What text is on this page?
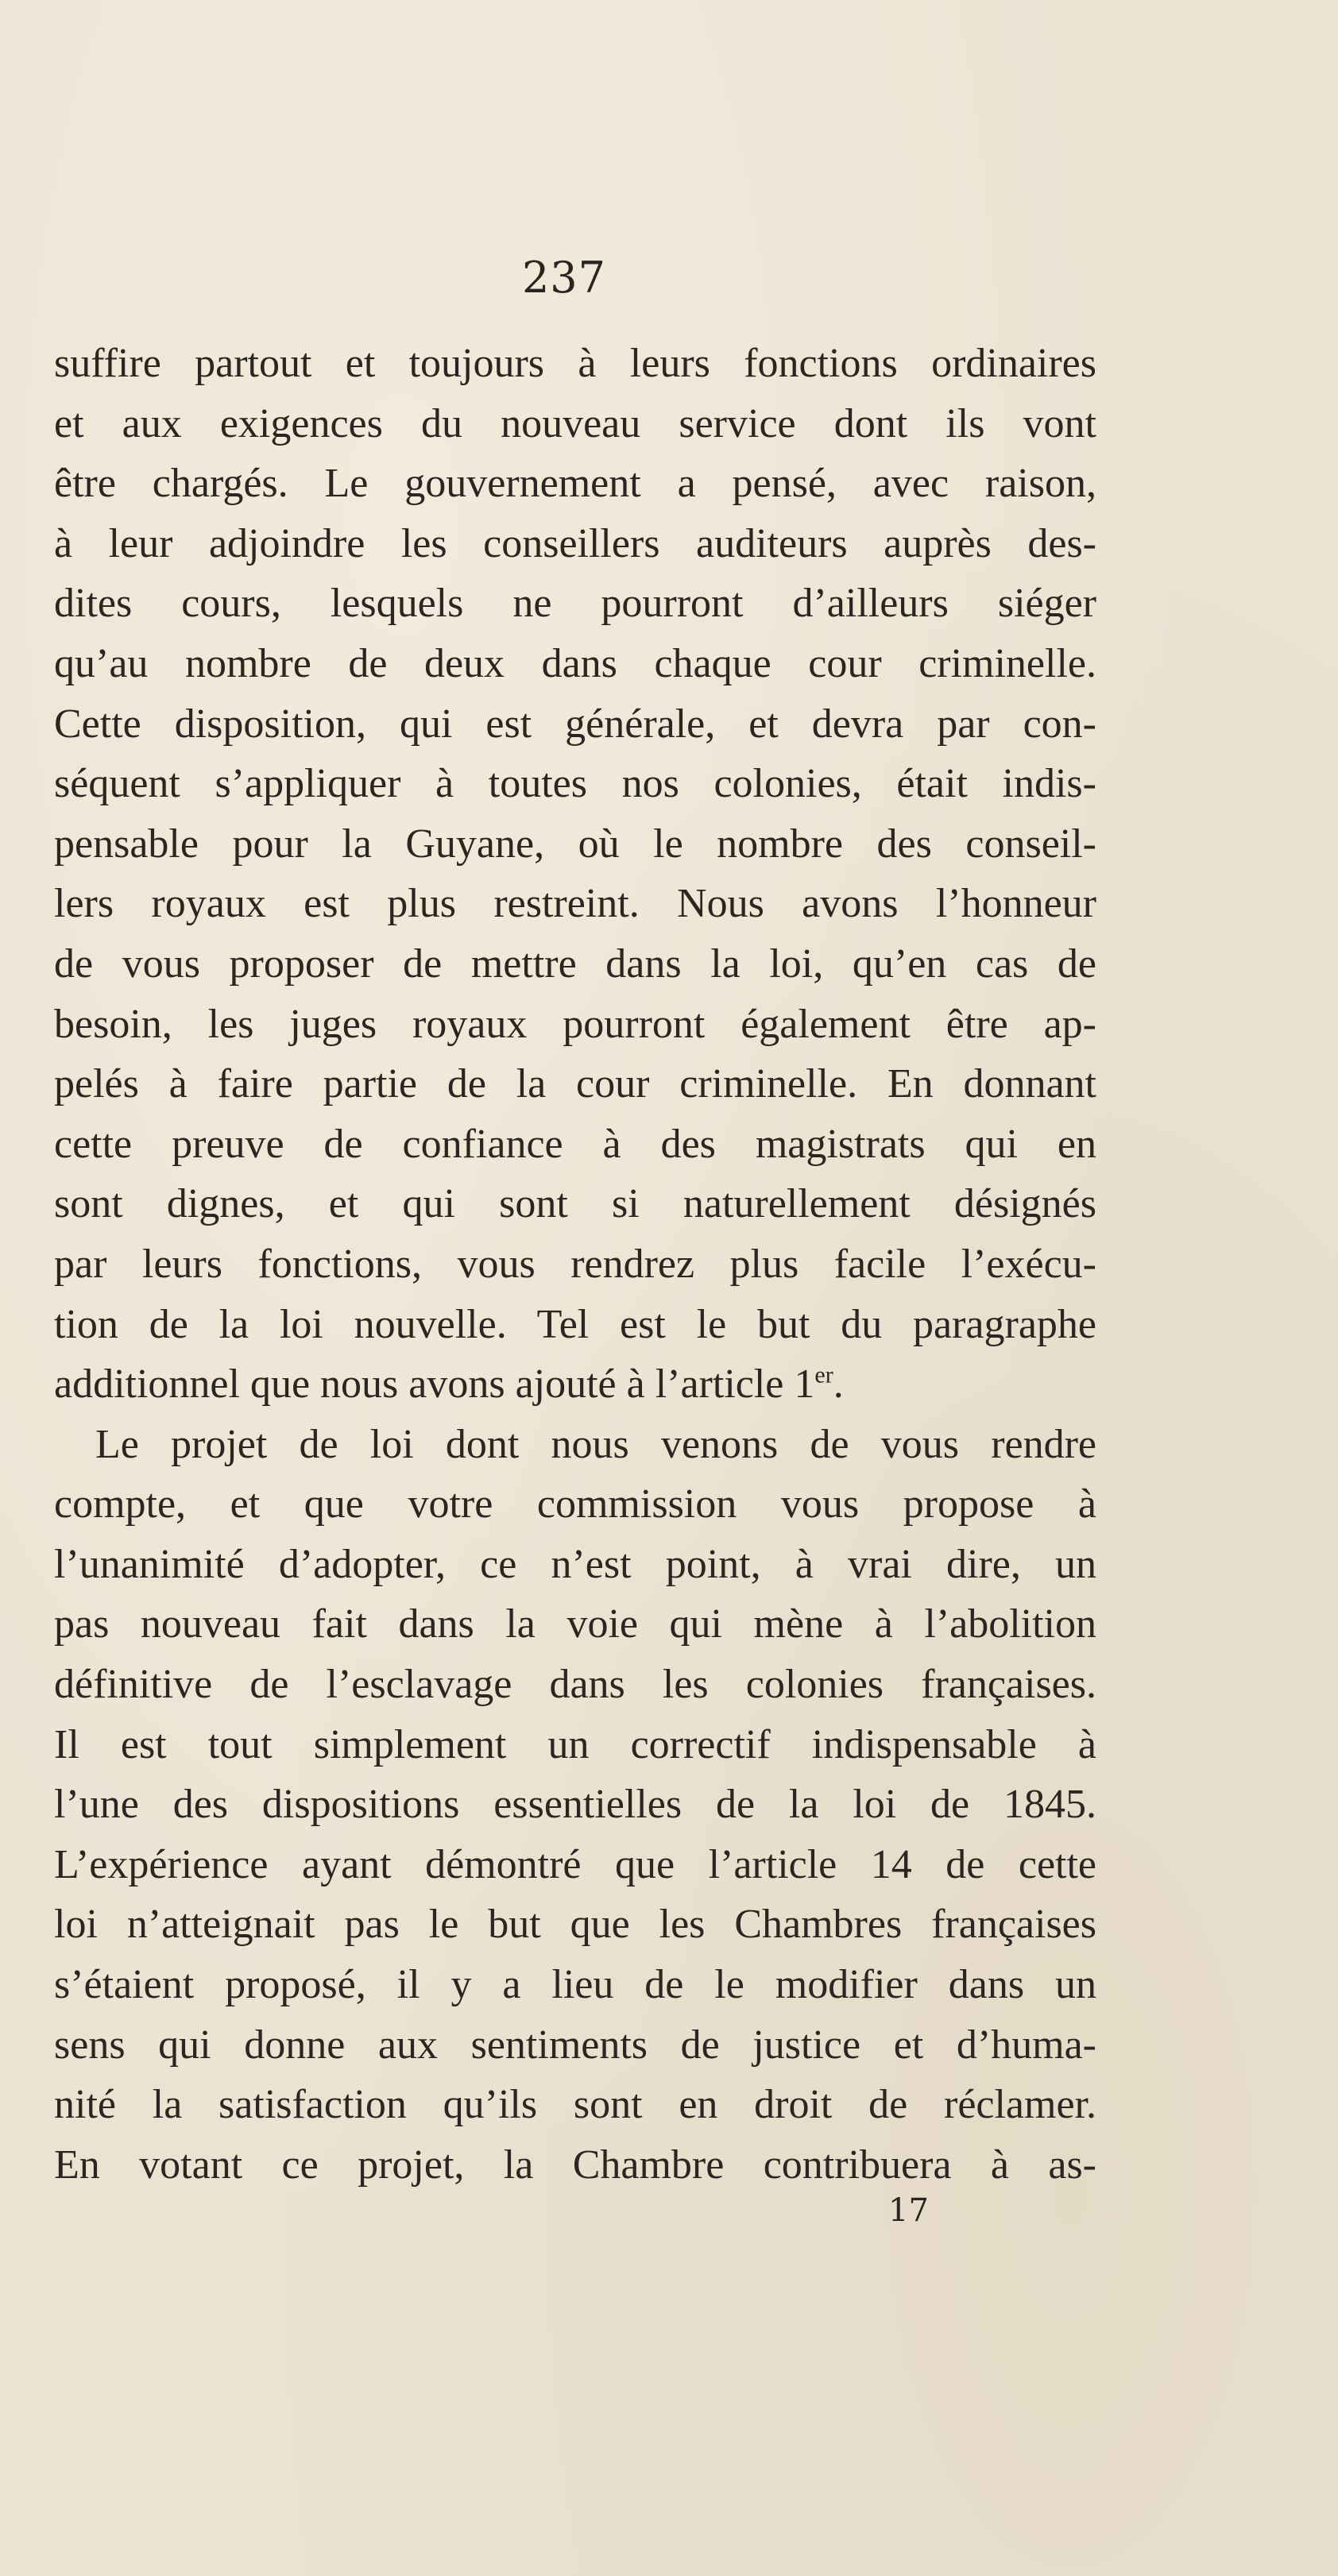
237
suffire partout et toujours à leurs fonctions ordinaires
et aux exigences du nouveau service dont ils vont
être chargés. Le gouvernement a pensé, avec raison,
à leur adjoindre les conseillers auditeurs auprès des-
dites cours, lesquels ne pourront d’ailleurs siéger
qu’au nombre de deux dans chaque cour criminelle.
Cette disposition, qui est générale, et devra par con-
séquent s’appliquer à toutes nos colonies, était indis-
pensable pour la Guyane, où le nombre des conseil-
lers royaux est plus restreint. Nous avons l’honneur
de vous proposer de mettre dans la loi, qu’en cas de
besoin, les juges royaux pourront également être ap-
pelés à faire partie de la cour criminelle. En donnant
cette preuve de confiance à des magistrats qui en
sont dignes, et qui sont si naturellement désignés
par leurs fonctions, vous rendrez plus facile l’exécu-
tion de la loi nouvelle. Tel est le but du paragraphe
additionnel que nous avons ajouté à l’article 1er.
Le projet de loi dont nous venons de vous rendre
compte, et que votre commission vous propose à
l’unanimité d’adopter, ce n’est point, à vrai dire, un
pas nouveau fait dans la voie qui mène à l’abolition
définitive de l’esclavage dans les colonies françaises.
Il est tout simplement un correctif indispensable à
l’une des dispositions essentielles de la loi de 1845.
L’expérience ayant démontré que l’article 14 de cette
loi n’atteignait pas le but que les Chambres françaises
s’étaient proposé, il y a lieu de le modifier dans un
sens qui donne aux sentiments de justice et d’huma-
nité la satisfaction qu’ils sont en droit de réclamer.
En votant ce projet, la Chambre contribuera à as-
17
